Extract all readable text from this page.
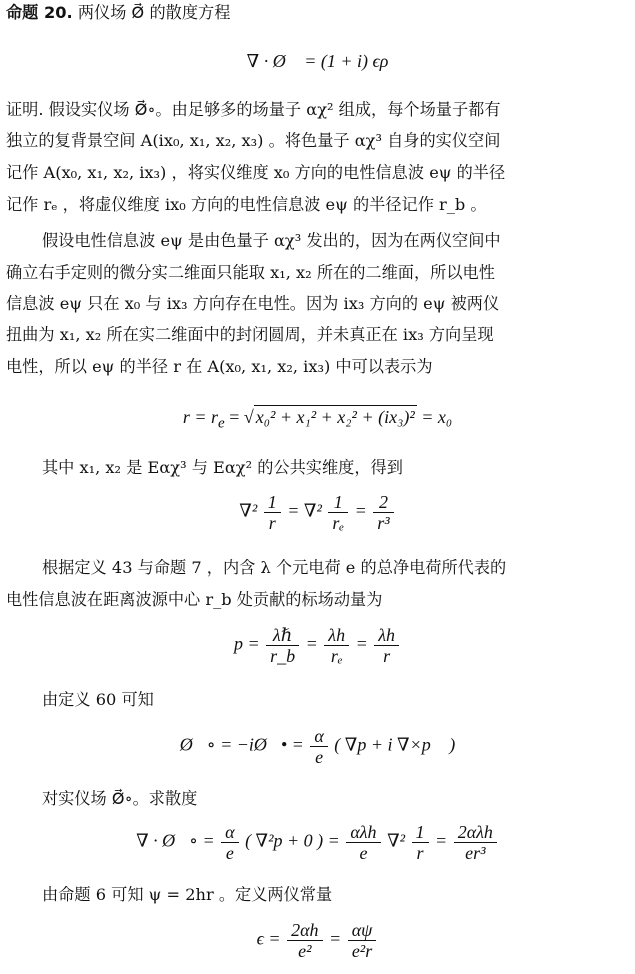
命题 20. 两仪场 Ø⃗ 的散度方程
∇ · Ø⃗ = (1 + i) ϵρ
证明. 假设实仪场 Ø⃗∘。由足够多的场量子 αχ² 组成，每个场量子都有
独立的复背景空间 A(ix₀, x₁, x₂, x₃) 。将色量子 αχ³ 自身的实仪空间
记作 A(x₀, x₁, x₂, ix₃) ，将实仪维度 x₀ 方向的电性信息波 eψ 的半径
记作 rₑ ，将虚仪维度 ix₀ 方向的电性信息波 eψ 的半径记作 r_b 。
假设电性信息波 eψ 是由色量子 αχ³ 发出的，因为在两仪空间中
确立右手定则的微分实二维面只能取 x₁, x₂ 所在的二维面，所以电性
信息波 eψ 只在 x₀ 与 ix₃ 方向存在电性。因为 ix₃ 方向的 eψ 被两仪
扭曲为 x₁, x₂ 所在实二维面中的封闭圆周，并未真正在 ix₃ 方向呈现
电性，所以 eψ 的半径 r 在 A(x₀, x₁, x₂, ix₃) 中可以表示为
$r = r_e$ = √ x₀² + x₁² + x₂² + (ix₃)² = x₀
其中 x₁, x₂ 是 Eαχ³ 与 Eαχ² 的公共实维度，得到
$\nabla^2 \frac{1}{r} = \nabla^2 \frac{1}{\text{rₑ}} = \frac{2}{\text{r³}}$
根据定义 43 与命题 7 ，内含 λ 个元电荷 e 的总净电荷所代表的
电性信息波在距离波源中心 r_b 处贡献的标场动量为
$p = \frac{\text{λℏ}}{r\_b} = \frac{\lambda h}{\text{rₑ}} = \frac{\lambda h}{r}$
由定义 60 可知
Ø⃗∘ = −iØ⃗• = $\frac{\alpha}{e}$ ( ∇p + i ∇×p⃗ )
对实仪场 Ø⃗∘。求散度
∇ · Ø⃗∘ = $\frac{\alpha}{e}$ ( ∇²p + 0 ) = $\frac{\text{αλh}}{e} \nabla^2 \frac{1}{r} = \frac{\text{2αλh}}{\text{er³}}$
由命题 6 可知 ψ = 2hr 。定义两仪常量
$\epsilon = \frac{2\alpha h}{\text{e²}} = \frac{\alpha\psi}{\text{e²r}}$
